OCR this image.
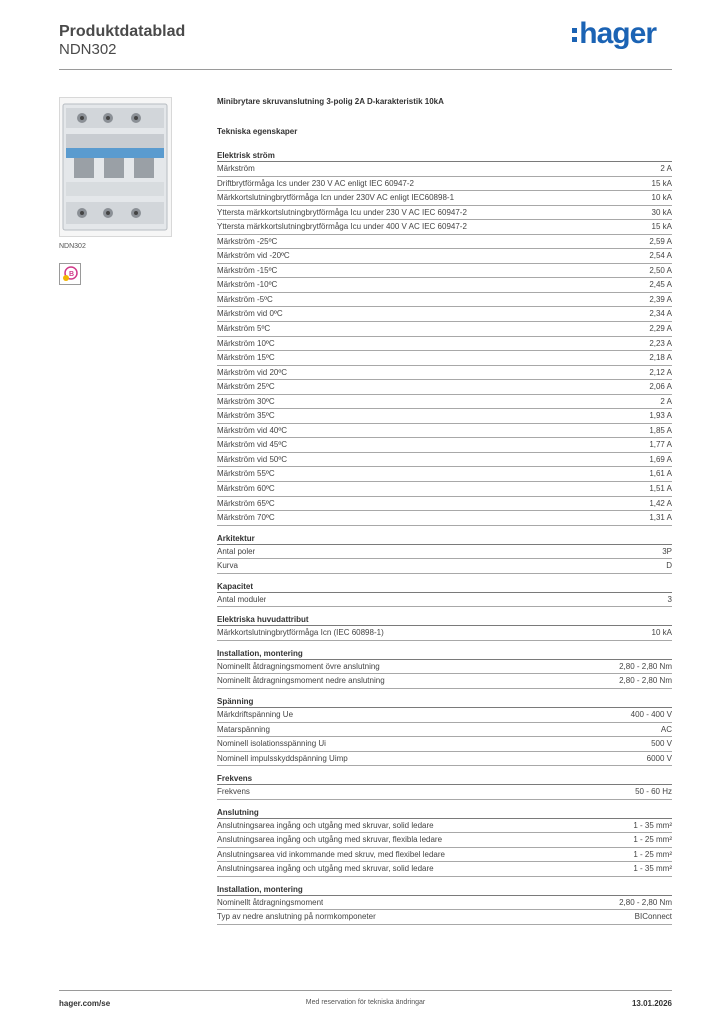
Produktdatablad
NDN302	hager
NDN302
B
Minibrytare skruvanslutning 3-polig 2A D-karakteristik 10kA
Tekniska egenskaper
Elektrisk ström
Märkström	2 A
Driftbrytförmåga Ics under 230 V AC enligt IEC 60947-2	15 kA
Märkkortslutningbrytförmåga Icn under 230V AC enligt IEC60898-1	10 kA
Yttersta märkkortslutningbrytförmåga Icu under 230 V AC IEC 60947-2	30 kA
Yttersta märkkortslutningbrytförmåga Icu under 400 V AC IEC 60947-2	15 kA
Märkström -25ºC	2,59 A
Märkström vid -20ºC	2,54 A
Märkström -15ºC	2,50 A
Märkström -10ºC	2,45 A
Märkström -5ºC	2,39 A
Märkström vid 0ºC	2,34 A
Märkström 5ºC	2,29 A
Märkström 10ºC	2,23 A
Märkström 15ºC	2,18 A
Märkström vid 20ºC	2,12 A
Märkström 25ºC	2,06 A
Märkström 30ºC	2 A
Märkström 35ºC	1,93 A
Märkström vid 40ºC	1,85 A
Märkström vid 45ºC	1,77 A
Märkström vid 50ºC	1,69 A
Märkström 55ºC	1,61 A
Märkström 60ºC	1,51 A
Märkström 65ºC	1,42 A
Märkström 70ºC	1,31 A
Arkitektur
Antal poler	3P
Kurva	D
Kapacitet
Antal moduler	3
Elektriska huvudattribut
Märkkortslutningbrytförmåga Icn (IEC 60898-1)	10 kA
Installation, montering
Nominellt åtdragningsmoment övre anslutning	2,80 - 2,80 Nm
Nominellt åtdragningsmoment nedre anslutning	2,80 - 2,80 Nm
Spänning
Märkdriftspänning Ue	400 - 400 V
Matarspänning	AC
Nominell isolationsspänning Ui	500 V
Nominell impulsskyddspänning Uimp	6000 V
Frekvens
Frekvens	50 - 60 Hz
Anslutning
Anslutningsarea ingång och utgång med skruvar, solid ledare	1 - 35 mm²
Anslutningsarea ingång och utgång med skruvar, flexibla ledare	1 - 25 mm²
Anslutningsarea vid inkommande med skruv, med flexibel ledare	1 - 25 mm²
Anslutningsarea ingång och utgång med skruvar, solid ledare	1 - 35 mm²
Installation, montering
Nominellt åtdragningsmoment	2,80 - 2,80 Nm
Typ av nedre anslutning på normkomponeter	BIConnect
hager.com/se	Med reservation för tekniska ändringar	13.01.2026
